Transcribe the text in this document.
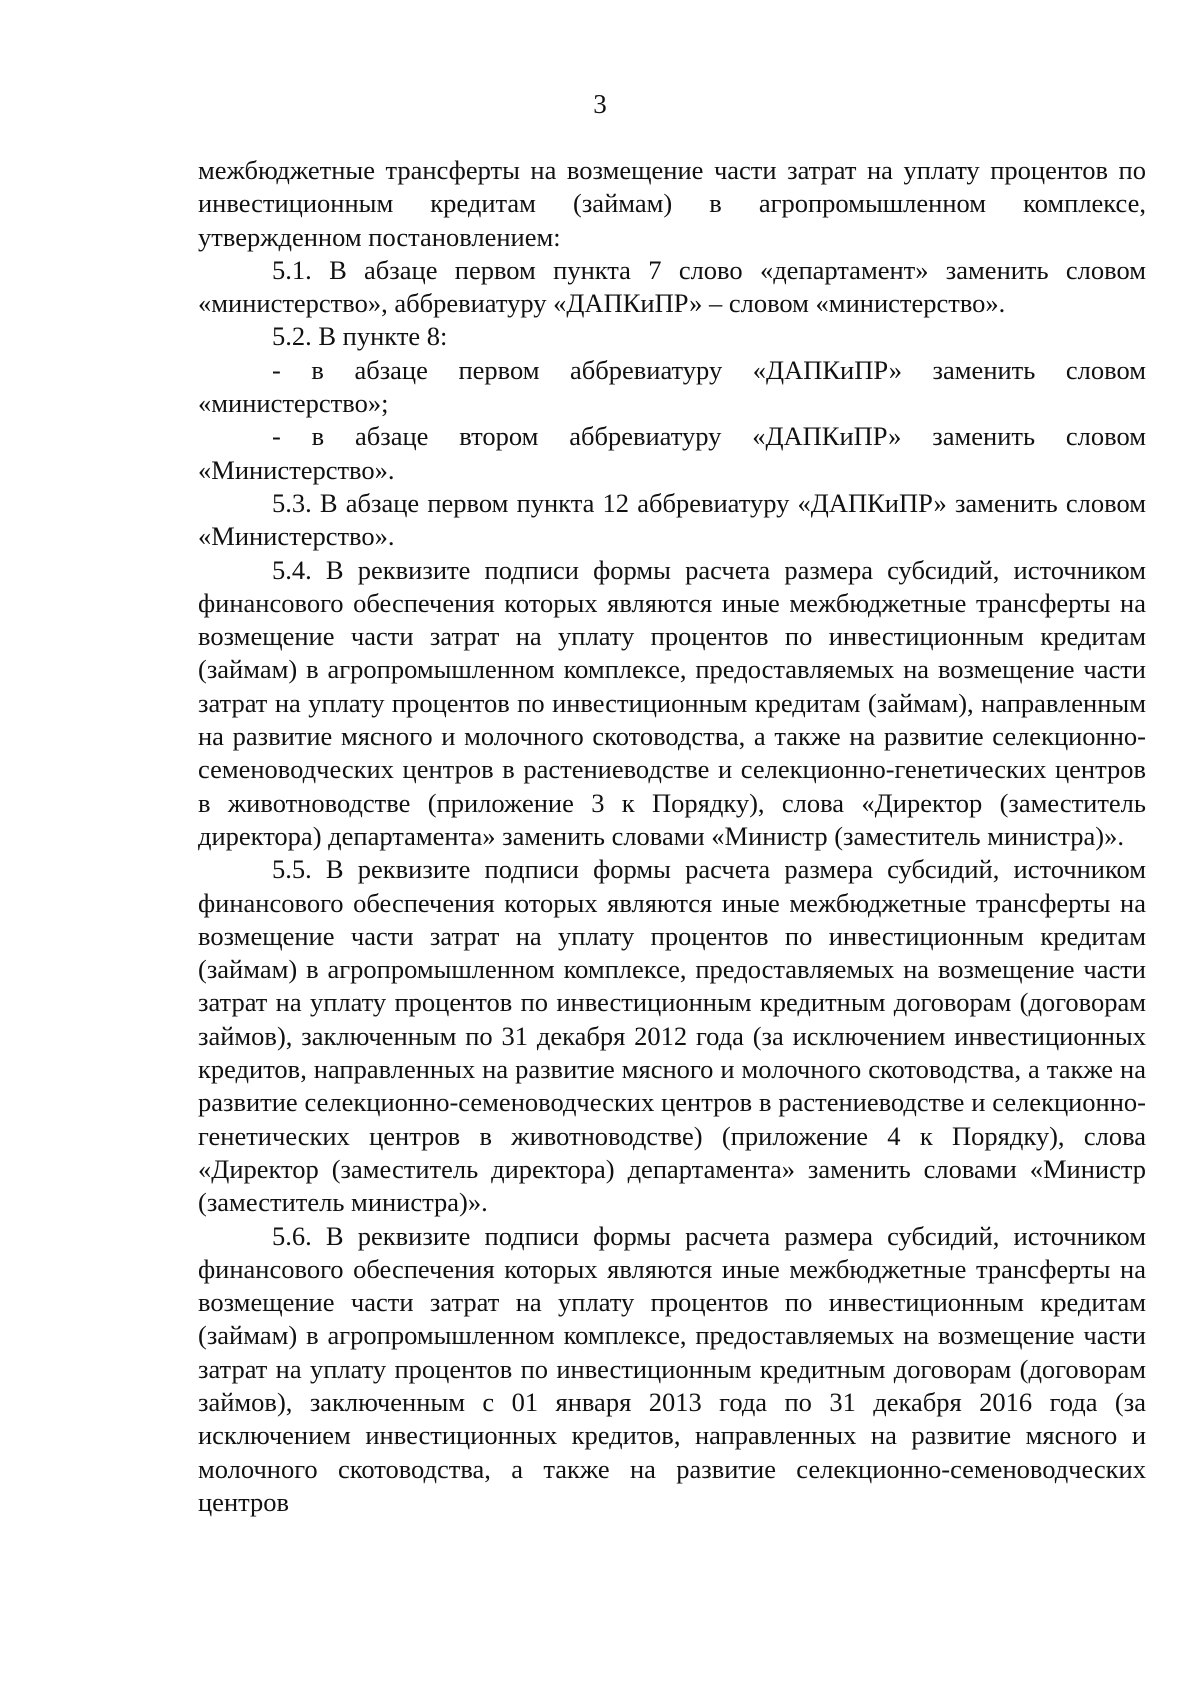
3

межбюджетные трансферты на возмещение части затрат на уплату процентов по инвестиционным кредитам (займам) в агропромышленном комплексе, утвержденном постановлением:

5.1. В абзаце первом пункта 7 слово «департамент» заменить словом «министерство», аббревиатуру «ДАПКиПР» – словом «министерство».

5.2. В пункте 8:

- в абзаце первом аббревиатуру «ДАПКиПР» заменить словом «министерство»;

- в абзаце втором аббревиатуру «ДАПКиПР» заменить словом «Министерство».

5.3. В абзаце первом пункта 12 аббревиатуру «ДАПКиПР» заменить словом «Министерство».

5.4. В реквизите подписи формы расчета размера субсидий, источником финансового обеспечения которых являются иные межбюджетные трансферты на возмещение части затрат на уплату процентов по инвестиционным кредитам (займам) в агропромышленном комплексе, предоставляемых на возмещение части затрат на уплату процентов по инвестиционным кредитам (займам), направленным на развитие мясного и молочного скотоводства, а также на развитие селекционно-семеноводческих центров в растениеводстве и селекционно-генетических центров в животноводстве (приложение 3 к Порядку), слова «Директор (заместитель директора) департамента» заменить словами «Министр (заместитель министра)».

5.5. В реквизите подписи формы расчета размера субсидий, источником финансового обеспечения которых являются иные межбюджетные трансферты на возмещение части затрат на уплату процентов по инвестиционным кредитам (займам) в агропромышленном комплексе, предоставляемых на возмещение части затрат на уплату процентов по инвестиционным кредитным договорам (договорам займов), заключенным по 31 декабря 2012 года (за исключением инвестиционных кредитов, направленных на развитие мясного и молочного скотоводства, а также на развитие селекционно-семеноводческих центров в растениеводстве и селекционно-генетических центров в животноводстве) (приложение 4 к Порядку), слова «Директор (заместитель директора) департамента» заменить словами «Министр (заместитель министра)».

5.6. В реквизите подписи формы расчета размера субсидий, источником финансового обеспечения которых являются иные межбюджетные трансферты на возмещение части затрат на уплату процентов по инвестиционным кредитам (займам) в агропромышленном комплексе, предоставляемых на возмещение части затрат на уплату процентов по инвестиционным кредитным договорам (договорам займов), заключенным с 01 января 2013 года по 31 декабря 2016 года (за исключением инвестиционных кредитов, направленных на развитие мясного и молочного скотоводства, а также на развитие селекционно-семеноводческих центров
